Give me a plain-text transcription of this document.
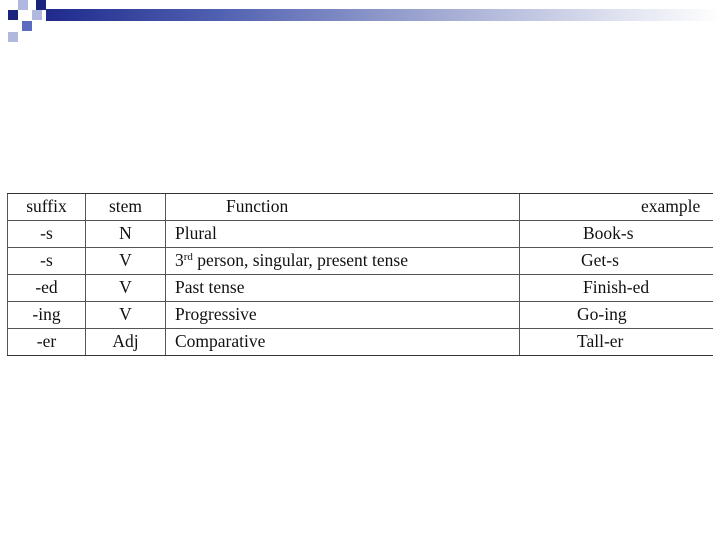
suffix	stem	Function	example
-s	N	Plural	Book-s
-s	V	3rd person, singular, present tense	Get-s
-ed	V	Past tense	Finish-ed
-ing	V	Progressive	Go-ing
-er	Adj	Comparative	Tall-er
